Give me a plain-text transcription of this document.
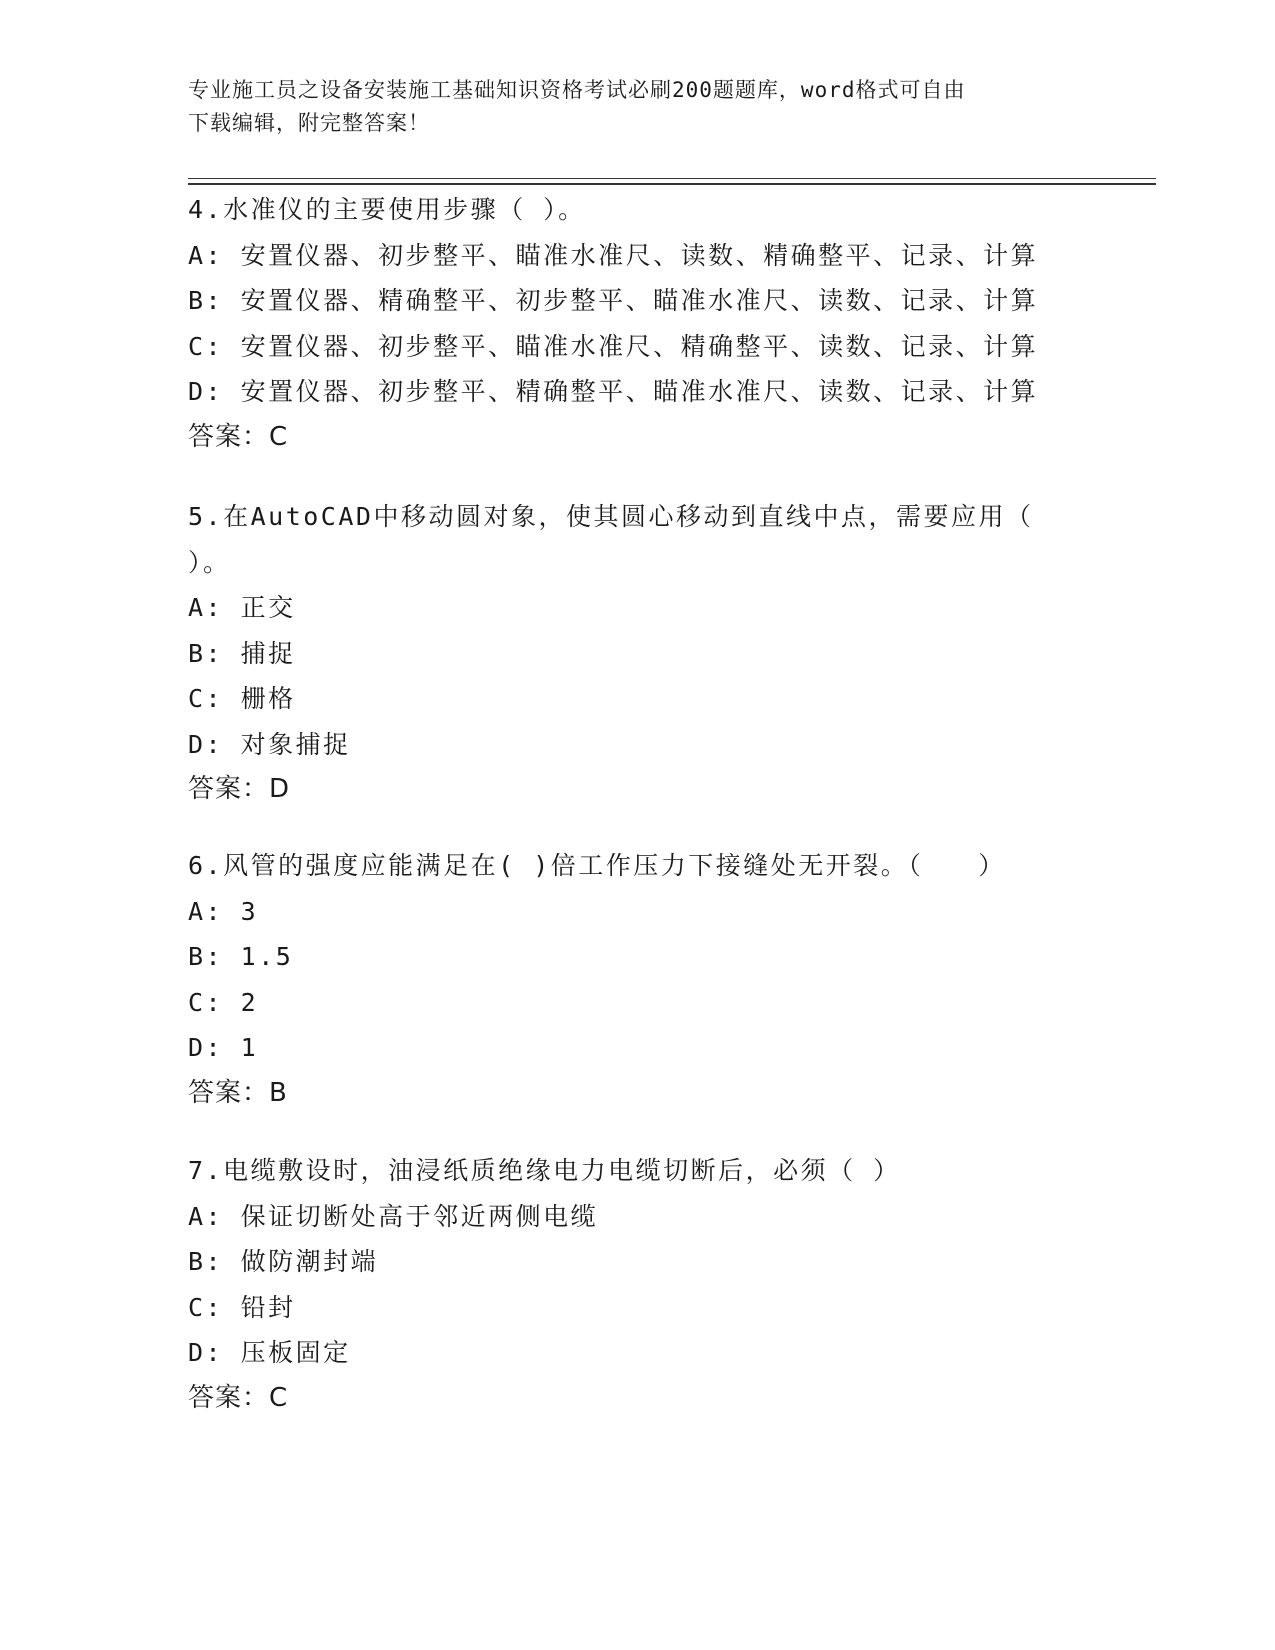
专业施工员之设备安装施工基础知识资格考试必刷200题题库，word格式可自由
下载编辑，附完整答案！
4.水准仪的主要使用步骤（ ）。
A: 安置仪器、初步整平、瞄准水准尺、读数、精确整平、记录、计算
B: 安置仪器、精确整平、初步整平、瞄准水准尺、读数、记录、计算
C: 安置仪器、初步整平、瞄准水准尺、精确整平、读数、记录、计算
D: 安置仪器、初步整平、精确整平、瞄准水准尺、读数、记录、计算
答案：C
5.在AutoCAD中移动圆对象，使其圆心移动到直线中点，需要应用（
）。
A: 正交
B: 捕捉
C: 栅格
D: 对象捕捉
答案：D
6.风管的强度应能满足在( )倍工作压力下接缝处无开裂。（　　）
A: 3
B: 1.5
C: 2
D: 1
答案：B
7.电缆敷设时，油浸纸质绝缘电力电缆切断后，必须（ ）
A: 保证切断处高于邻近两侧电缆
B: 做防潮封端
C: 铅封
D: 压板固定
答案：C
